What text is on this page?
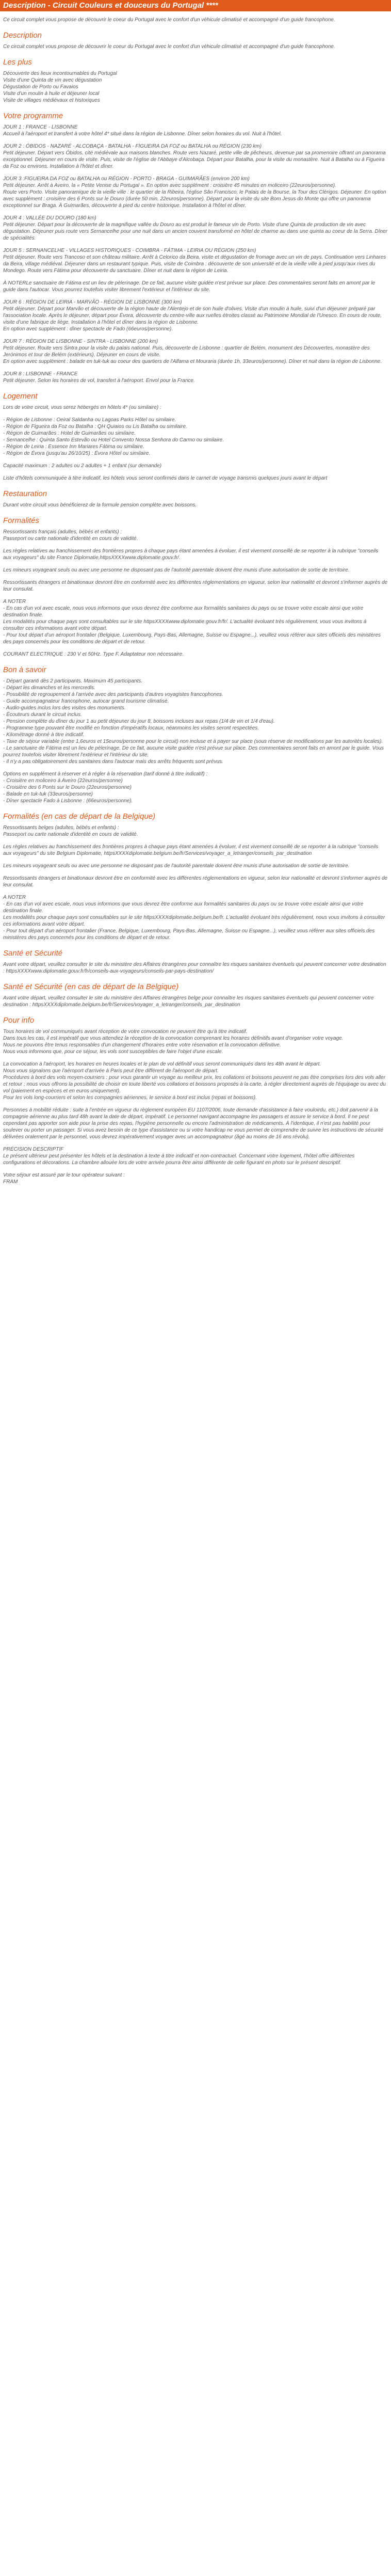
Description - Circuit Couleurs et douceurs du Portugal ****

Ce circuit complet vous propose de découvrir le coeur du Portugal avec le confort d'un véhicule climatisé et accompagné d'un guide francophone.

Description

Ce circuit complet vous propose de découvrir le coeur du Portugal avec le confort d'un véhicule climatisé et accompagné d'un guide francophone.

Les plus

Découverte des lieux incontournables du Portugal
Visite d'une Quinta de vin avec dégustation
Dégustation de Porto ou Favaios
Visite d'un moulin à huile et déjeuner local
Visite de villages médiévaux et historiques

Votre programme

JOUR 1 : FRANCE - LISBONNE
Accueil à l'aéroport et transfert à votre hôtel 4* situé dans la région de Lisbonne. Dîner selon horaires du vol. Nuit à l'hôtel.

JOUR 2 : ÓBIDOS - NAZARÉ - ALCOBAÇA - BATALHA - FIGUEIRA DA FOZ ou BATALHA ou RÉGION (230 km)
Petit déjeuner. Départ vers Óbidos, cité médiévale aux maisons blanches. Route vers Nazaré, petite ville de pêcheurs, devenue par sa promenoire offrant un panorama exceptionnel. Déjeuner en cours de visite. Puis, visite de l'église de l'Abbaye d'Alcobaça. Départ pour Batalha, pour la visite du monastère. Nuit à Batalha ou à Figueira da Foz ou environs. Installation à l'hôtel et dîner.

JOUR 3 :FIGUEIRA DA FOZ ou BATALHA ou RÉGION - PORTO - BRAGA - GUIMARÃES (environ 200 km)
Petit déjeuner. Arrêt à Aveiro, la « Petite Venise du Portugal ». En option avec supplément : croisière 45 minutes en moliceiro (22euros/personne).
Route vers Porto. Visite panoramique de la vieille ville : le quartier de la Ribeira, l'église São Francisco, le Palais de la Bourse, la Tour des Clérigos. Déjeuner. En option avec supplément : croisière des 6 Ponts sur le Douro (durée 50 min, 22euros/personne). Départ pour la visite du site Bom Jesus do Monte qui offre un panorama exceptionnel sur Braga. À Guimarães, découverte à pied du centre historique. Installation à l'hôtel et dîner.

JOUR 4 : VALLÉE DU DOURO (180 km)
Petit déjeuner. Départ pour la découverte de la magnifique vallée du Douro au est produit le fameux vin de Porto. Visite d'une Quinta de production de vin avec dégustation. Déjeuner puis route vers Sernancelhe pour une nuit dans un ancien couvent transformé en hôtel de charme au dans une quinta au coeur de la Serra. Dîner de spécialités.

JOUR 5 : SERNANCELHE - VILLAGES HISTORIQUES - COIMBRA - FÁTIMA - LEIRIA OU RÉGION (250 km)
Petit déjeuner. Route vers Trancoso et son château militaire. Arrêt à Celorico da Beira, visite et dégustation de fromage avec un vin de pays. Continuation vers Linhares da Beira, village médiéval. Déjeuner dans un restaurant typique. Puis, visite de Coimbra : découverte de son université et de la vieille ville à pied jusqu'aux rives du Mondego. Route vers Fátima pour découverte du sanctuaire. Dîner et nuit dans la région de Leiria.

À NOTERLe sanctuaire de Fátima est un lieu de pèlerinage. De ce fait, aucune visite guidée n'est prévue sur place. Des commentaires seront faits en amont par le guide dans l'autocar. Vous pourrez toutefois visiter librement l'extérieur et l'intérieur du site.

JOUR 6 : RÉGION DE LEIRIA - MARVÃO - RÉGION DE LISBONNE (300 km)
Petit déjeuner. Départ pour Marvão et découverte de la région haute de l'Alentejo et de son huile d'olives. Visite d'un moulin à huile, suivi d'un déjeuner préparé par l'association locale. Après le déjeuner, départ pour Évora, découverte du centre-ville aux ruelles étroites classé au Patrimoine Mondial de l'Unesco. En cours de route, visite d'une fabrique de liège. Installation à l'hôtel et dîner dans la région de Lisbonne.
En option avec supplément : dîner spectacle de Fado (66euros/personne).

JOUR 7 : RÉGION DE LISBONNE - SINTRA - LISBONNE (200 km)
Petit déjeuner. Route vers Sintra pour la visite du palais national. Puis, découverte de Lisbonne : quartier de Belém, monument des Découvertes, monastère des Jerónimos et tour de Belém (extérieurs). Déjeuner en cours de visite.
En option avec supplément : balade en tuk-tuk au coeur des quartiers de l'Alfama et Mouraria (durée 1h, 33euros/personne). Dîner et nuit dans la région de Lisbonne.

JOUR 8 : LISBONNE - FRANCE
Petit déjeuner. Selon les horaires de vol, transfert à l'aéroport. Envol pour la France.

Logement

Lors de votre circuit, vous serez hébergés en hôtels 4* (ou similaire) :

- Région de Lisbonne : Oeiral Saldanha ou Lagoas Parks Hôtel ou similaire.
- Région de Figueira da Foz ou Batalha : QH Quiaios ou Lis Batalha ou similaire.
- Région de Guimarães : Hotel de Guimarães ou similaire.
- Sernancelhe : Quinta Santo Estevão ou Hotel Convento Nossa Senhora do Carmo ou similaire.
- Région de Leiria : Essence Inn Mariares Fátima ou similaire.
- Région de Évora (jusqu'au 26/10/25) : Évora Hôtel ou similaire.

Capacité maximum : 2 adultes ou 2 adultes + 1 enfant (sur demande)

Liste d'hôtels communiquée à titre indicatif, les hôtels vous seront confirmés dans le carnet de voyage transmis quelques jours avant le départ

Restauration

Durant votre circuit vous bénéficierez de la formule pension complète avec boissons.

Formalités

Ressortissants français (adultes, bébés et enfants) :
Passeport ou carte nationale d'identité en cours de validité.

Les règles relatives au franchissement des frontières propres à chaque pays étant amenées à évoluer, il est vivement conseillé de se reporter à la rubrique "conseils aux voyageurs" du site France Diplomatie,httpsXXXXwww.diplomatie.gouv.fr/.

Les mineurs voyageant seuls ou avec une personne ne disposant pas de l'autorité parentale doivent être munis d'une autorisation de sortie de territoire.

Ressortissants étrangers et binationaux devront être en conformité avec les différentes réglementations en vigueur, selon leur nationalité et devront s'informer auprès de leur consulat.

A NOTER
- En cas d'un vol avec escale, nous vous informons que vous devrez être conforme aux formalités sanitaires du pays ou se trouve votre escale ainsi que votre destination finale.
Les modalités pour chaque pays sont consultables sur le site httpsXXXXwww.diplomatie.gouv.fr/fr/. L'actualité évoluant très régulièrement, vous vous invitons à consulter ces informations avant votre départ.
- Pour tout départ d'un aéroport frontalier (Belgique, Luxembourg, Pays-Bas, Allemagne, Suisse ou Espagne...), veuillez vous référer aux sites officiels des ministères des pays concernés pour les conditions de départ et de retour.

COURANT ELECTRIQUE : 230 V et 50Hz. Type F. Adaptateur non nécessaire.

Bon à savoir

- Départ garanti dès 2 participants. Maximum 45 participants.
- Départ les dimanches et les mercredis.
- Possibilité de regroupement à l'arrivée avec des participants d'autres voyagistes francophones.
- Guide accompagnateur francophone, autocar grand tourisme climatisé.
- Audio-guides inclus lors des visites des monuments.
- Écouteurs durant le circuit inclus.
- Pension complète du dîner du jour 1 au petit déjeuner du jour 8, boissons incluses aux repas (1/4 de vin et 1/4 d'eau).
- Programme type pouvant être modifié en fonction d'impératifs locaux, néanmoins les visites seront respectées.
- Kilométrage donné à titre indicatif.
- Taxe de séjour variable (entre 1,6euros et 15euros/personne pour le circuit) non incluse et à payer sur place (sous réserve de modifications par les autorités locales).
- Le sanctuaire de Fátima est un lieu de pèlerinage. De ce fait, aucune visite guidée n'est prévue sur place. Des commentaires seront faits en amont par le guide. Vous pourrez toutefois visiter librement l'extérieur et l'intérieur du site.
- Il n'y a pas obligatoirement des sanitaires dans l'autocar mais des arrêts fréquents sont prévus.

Options en supplément à réserver et à régler à la réservation (tarif donné à titre indicatif) :
- Croisière en moliceiro à Aveiro (22euros/personne)
- Croisière des 6 Ponts sur le Douro (22euros/personne)
- Balade en tuk-tuk (33euros/personne)
- Dîner spectacle Fado à Lisbonne : (66euros/personne).

Formalités (en cas de départ de la Belgique)

Ressortissants belges (adultes, bébés et enfants) :
Passeport ou carte nationale d'identité en cours de validité.

Les règles relatives au franchissement des frontières propres à chaque pays étant amenées à évoluer, il est vivement conseillé de se reporter à la rubrique "conseils aux voyageurs" du site Belgium Diplomatie, httpsXXXXdiplomatie.belgium.be/fr/Services/voyager_a_letranger/conseils_par_destination

Les mineurs voyageant seuls ou avec une personne ne disposant pas de l'autorité parentale doivent être munis d'une autorisation de sortie de territoire.

Ressortissants étrangers et binationaux devront être en conformité avec les différentes réglementations en vigueur, selon leur nationalité et devront s'informer auprès de leur consulat.

A NOTER
- En cas d'un vol avec escale, nous vous informons que vous devrez être conforme aux formalités sanitaires du pays ou se trouve votre escale ainsi que votre destination finale.
Les modalités pour chaque pays sont consultables sur le site httpsXXXXdiplomatie.belgium.be/fr. L'actualité évoluant très régulièrement, nous vous invitons à consulter ces informations avant votre départ.
- Pour tout départ d'un aéroport frontalier (France, Belgique, Luxembourg, Pays-Bas, Allemagne, Suisse ou Espagne...), veuillez vous référer aux sites officiels des ministères des pays concernés pour les conditions de départ et de retour.

Santé et Sécurité

Avant votre départ, veuillez consulter le site du ministère des Affaires étrangères pour connaître les risques sanitaires éventuels qui peuvent concerner votre destination : httpsXXXXwww.diplomatie.gouv.fr/fr/conseils-aux-voyageurs/conseils-par-pays-destination/

Santé et Sécurité (en cas de départ de la Belgique)

Avant votre départ, veuillez consulter le site du ministère des Affaires étrangères belge pour connaître les risques sanitaires éventuels qui peuvent concerner votre destination : httpsXXXXdiplomatie.belgium.be/fr/Services/voyager_a_letranger/conseils_par_destination

Pour info

Tous horaires de vol communiqués avant réception de votre convocation ne peuvent être qu'à titre indicatif.
Dans tous les cas, il est impératif que vous attendiez la réception de la convocation comprenant les horaires définitifs avant d'organiser votre voyage.
Nous ne pouvons être tenus responsables d'un changement d'horaires entre votre réservation et la convocation définitive.
Nous vous informons que, pour ce séjour, les vols sont susceptibles de faire l'objet d'une escale.

La convocation à l'aéroport, les horaires en heures locales et le plan de vol définitif vous seront communiqués dans les 48h avant le départ.
Nous vous signalons que l'aéroport d'arrivée à Paris peut être différent de l'aéroport de départ.
Procédures à bord des vols moyen-courriers : pour vous garantir un voyage au meilleur prix, les collations et boissons peuvent ne pas être comprises lors des vols aller et retour ; nous vous offrons la possibilité de choisir en toute liberté vos collations et boissons proposés à la carte, à régler directement auprès de l'équipage ou avec du vol (paiement en espèces et en euros uniquement).
Pour les vols long-courriers et selon les compagnies aériennes, le service à bord est inclus (repas et boissons).

Personnes à mobilité réduite : suite à l'entrée en vigueur du règlement européen EU 1107/2006, toute demande d'assistance à faire vouloirdu, etc.) doit parvenir à la compagnie aérienne au plus tard 48h avant la date de départ, impératif. Le personnel navigant accompagne les passagers et assure le service à bord. Il ne peut cependant pas apporter son aide pour la prise des repas, l'hygiène personnelle ou encore l'administration de médicaments. À l'identique, il n'est pas habilité pour soulever ou porter un passager. Si vous avez besoin de ce type d'assistance ou si votre handicap ne vous permet de comprendre de suivre les instructions de sécurité délivrées oralement par le personnel, vous devrez impérativement voyager avec un accompagnateur (âgé au moins de 16 ans révolu).

PRÉCISION DESCRIPTIF
Le présent ultérieur peut présenter les hôtels et la destination à texte à titre indicatif et non-contractuel. Concernant votre logement, l'hôtel offre différentes configurations et décorations. La chambre allouée lors de votre arrivée pourra être ainsi différente de celle figurant en photo sur le présent descriptif.

Votre séjour est assuré par le tour opérateur suivant :
FRAM
